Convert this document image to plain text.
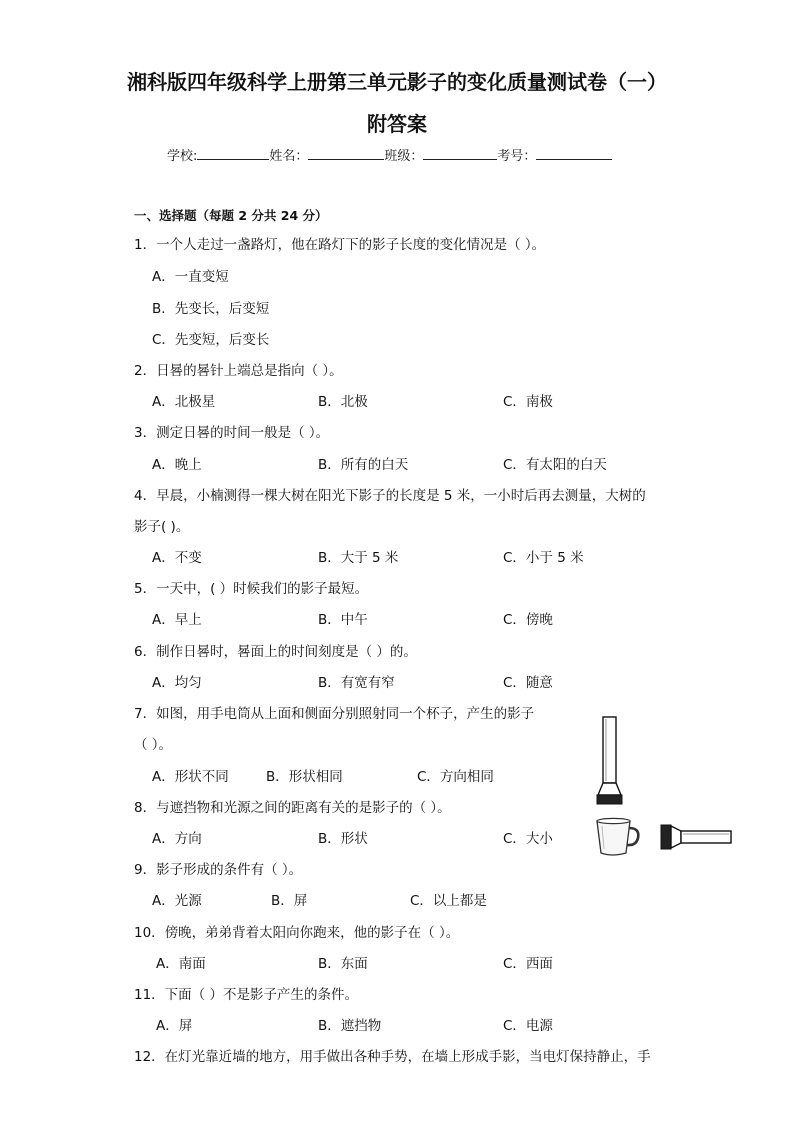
湘科版四年级科学上册第三单元影子的变化质量测试卷（一）
附答案
学校:	姓名：	班级：	考号：
一、选择题（每题 2 分共 24 分）
1．一个人走过一盏路灯，他在路灯下的影子长度的变化情况是（ ）。
A．一直变短
B．先变长，后变短
C．先变短，后变长
2．日晷的晷针上端总是指向（ ）。
A．北极星	B．北极	C．南极
3．测定日晷的时间一般是（ ）。
A．晚上	B．所有的白天	C．有太阳的白天
4．早晨，小楠测得一棵大树在阳光下影子的长度是 5 米，一小时后再去测量，大树的
影子( )。
A．不变	B．大于 5 米	C．小于 5 米
5．一天中，( ）时候我们的影子最短。
A．早上	B．中午	C．傍晚
6．制作日晷时，晷面上的时间刻度是（ ）的。
A．均匀	B．有宽有窄	C．随意
7．如图，用手电筒从上面和侧面分别照射同一个杯子，产生的影子
（ ）。
A．形状不同	B．形状相同	C．方向相同
8．与遮挡物和光源之间的距离有关的是影子的（ ）。
A．方向	B．形状	C．大小
9．影子形成的条件有（ ）。
A．光源	B．屏	C．以上都是
10．傍晚，弟弟背着太阳向你跑来，他的影子在（ ）。
A．南面	B．东面	C．西面
11．下面（ ）不是影子产生的条件。
A．屏	B．遮挡物	C．电源
12．在灯光靠近墙的地方，用手做出各种手势，在墙上形成手影，当电灯保持静止，手
